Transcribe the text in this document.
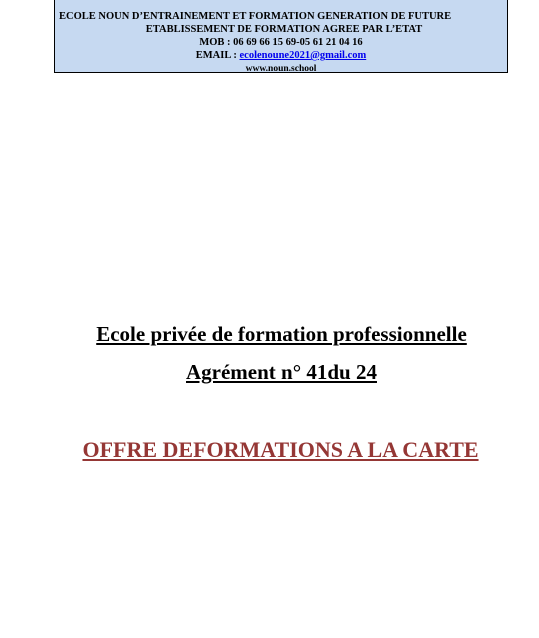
ECOLE NOUN D’ENTRAINEMENT ET FORMATION GENERATION DE FUTURE
ETABLISSEMENT DE FORMATION AGREE PAR L’ETAT
MOB : 06 69 66 15 69-05 61 21 04 16
EMAIL : ecolenoune2021@gmail.com
www.noun.school
Ecole privée de formation professionnelle
Agrément n° 41du 24
OFFRE DEFORMATIONS A LA CARTE
